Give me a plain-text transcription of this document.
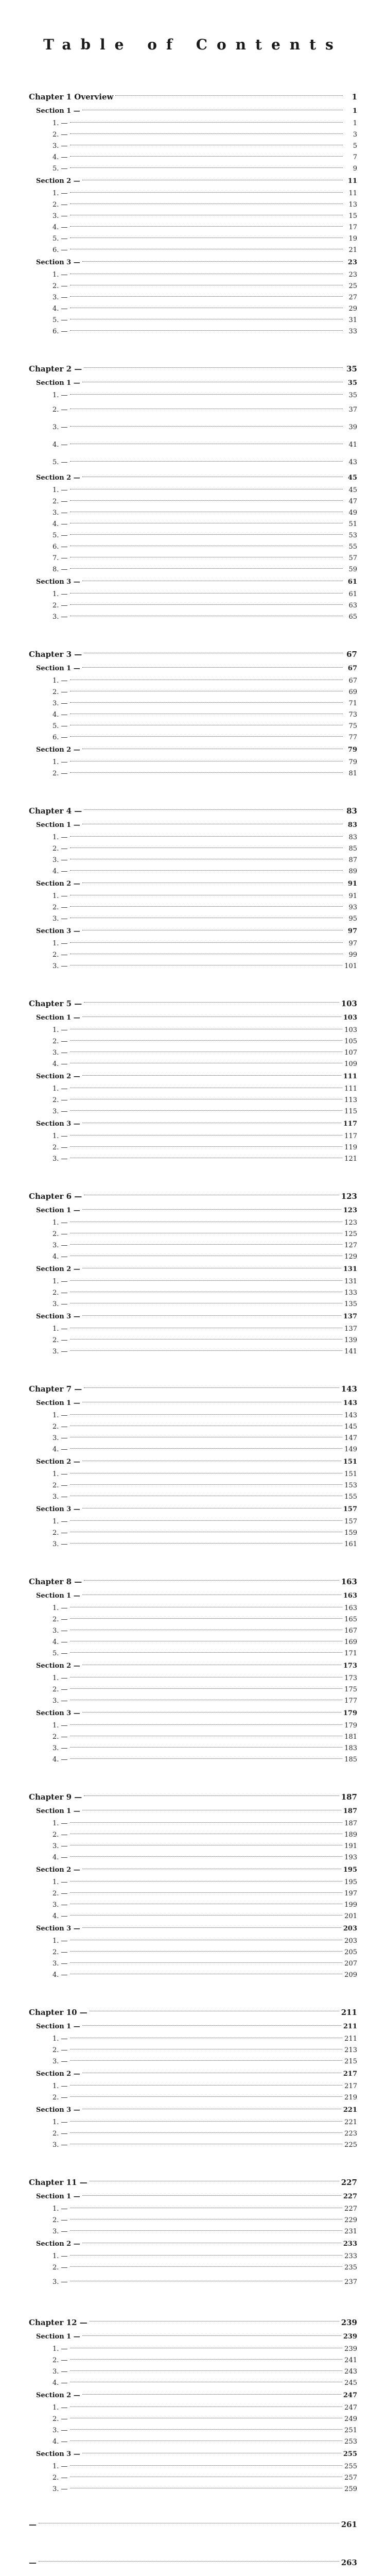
Table of Contents
Chapter 1 Overview	1
Section 1 —	1
1. —	1
2. —	3
3. —	5
4. —	7
5. —	9
Section 2 —	11
1. —	11
2. —	13
3. —	15
4. —	17
5. —	19
6. —	21
Section 3 —	23
1. —	23
2. —	25
3. —	27
4. —	29
5. —	31
6. —	33
Chapter 2 —	35
Section 1 —	35
1. —	35
2. —	37
3. —	39
4. —	41
5. —	43
Section 2 —	45
1. —	45
2. —	47
3. —	49
4. —	51
5. —	53
6. —	55
7. —	57
8. —	59
Section 3 —	61
1. —	61
2. —	63
3. —	65
Chapter 3 —	67
Section 1 —	67
1. —	67
2. —	69
3. —	71
4. —	73
5. —	75
6. —	77
Section 2 —	79
1. —	79
2. —	81
Chapter 4 —	83
Section 1 —	83
1. —	83
2. —	85
3. —	87
4. —	89
Section 2 —	91
1. —	91
2. —	93
3. —	95
Section 3 —	97
1. —	97
2. —	99
3. —	101
Chapter 5 —	103
Section 1 —	103
1. —	103
2. —	105
3. —	107
4. —	109
Section 2 —	111
1. —	111
2. —	113
3. —	115
Section 3 —	117
1. —	117
2. —	119
3. —	121
Chapter 6 —	123
Section 1 —	123
1. —	123
2. —	125
3. —	127
4. —	129
Section 2 —	131
1. —	131
2. —	133
3. —	135
Section 3 —	137
1. —	137
2. —	139
3. —	141
Chapter 7 —	143
Section 1 —	143
1. —	143
2. —	145
3. —	147
4. —	149
Section 2 —	151
1. —	151
2. —	153
3. —	155
Section 3 —	157
1. —	157
2. —	159
3. —	161
Chapter 8 —	163
Section 1 —	163
1. —	163
2. —	165
3. —	167
4. —	169
5. —	171
Section 2 —	173
1. —	173
2. —	175
3. —	177
Section 3 —	179
1. —	179
2. —	181
3. —	183
4. —	185
Chapter 9 —	187
Section 1 —	187
1. —	187
2. —	189
3. —	191
4. —	193
Section 2 —	195
1. —	195
2. —	197
3. —	199
4. —	201
Section 3 —	203
1. —	203
2. —	205
3. —	207
4. —	209
Chapter 10 —	211
Section 1 —	211
1. —	211
2. —	213
3. —	215
Section 2 —	217
1. —	217
2. —	219
Section 3 —	221
1. —	221
2. —	223
3. —	225
Chapter 11 —	227
Section 1 —	227
1. —	227
2. —	229
3. —	231
Section 2 —	233
1. —	233
2. —	235
3. —	237
Chapter 12 —	239
Section 1 —	239
1. —	239
2. —	241
3. —	243
4. —	245
Section 2 —	247
1. —	247
2. —	249
3. —	251
4. —	253
Section 3 —	255
1. —	255
2. —	257
3. —	259
—	261
—	263
